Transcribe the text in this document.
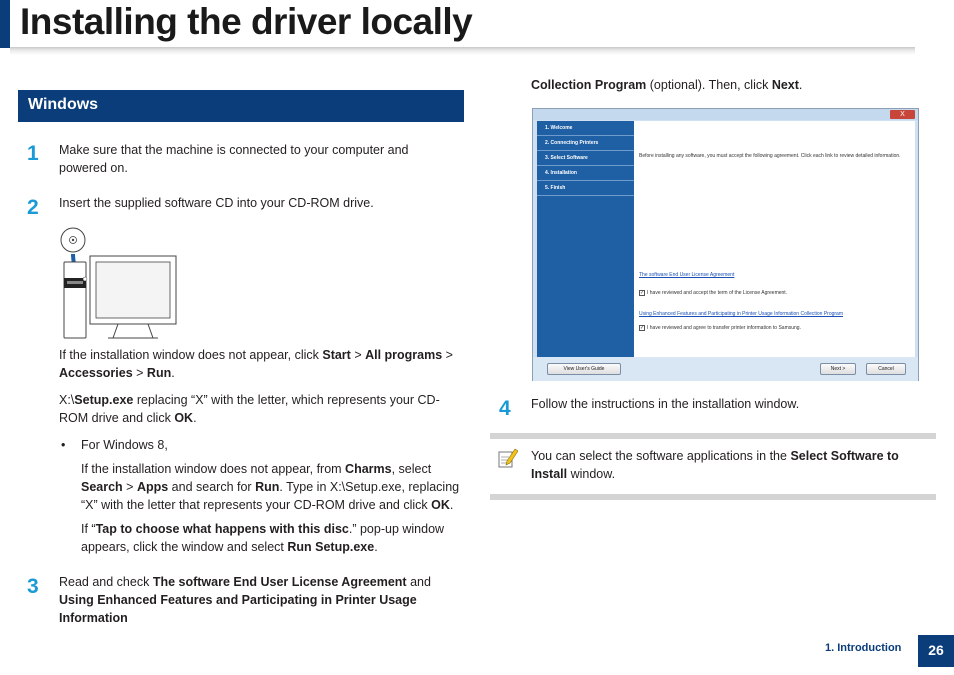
Installing the driver locally
Windows
1 Make sure that the machine is connected to your computer and powered on.
2 Insert the supplied software CD into your CD-ROM drive.
If the installation window does not appear, click Start > All programs > Accessories > Run.
X:\Setup.exe replacing “X” with the letter, which represents your CD-ROM drive and click OK.
• For Windows 8,
If the installation window does not appear, from Charms, select Search > Apps and search for Run. Type in X:\Setup.exe, replacing “X” with the letter that represents your CD-ROM drive and click OK.
If “Tap to choose what happens with this disc.” pop-up window appears, click the window and select Run Setup.exe.
3 Read and check The software End User License Agreement and Using Enhanced Features and Participating in Printer Usage Information
Collection Program (optional). Then, click Next.
X
1. Welcome
2. Connecting Printers
3. Select Software
4. Installation
5. Finish
Before installing any software, you must accept the following agreement. Click each link to review detailed information.
The software End User License Agreement
✓ I have reviewed and accept the term of the License Agreement.
Using Enhanced Features and Participating in Printer Usage Information Collection Program
✓ I have reviewed and agree to transfer printer information to Samsung.
View User's Guide	Next >	Cancel
4 Follow the instructions in the installation window.
You can select the software applications in the Select Software to Install window.
1. Introduction	26
